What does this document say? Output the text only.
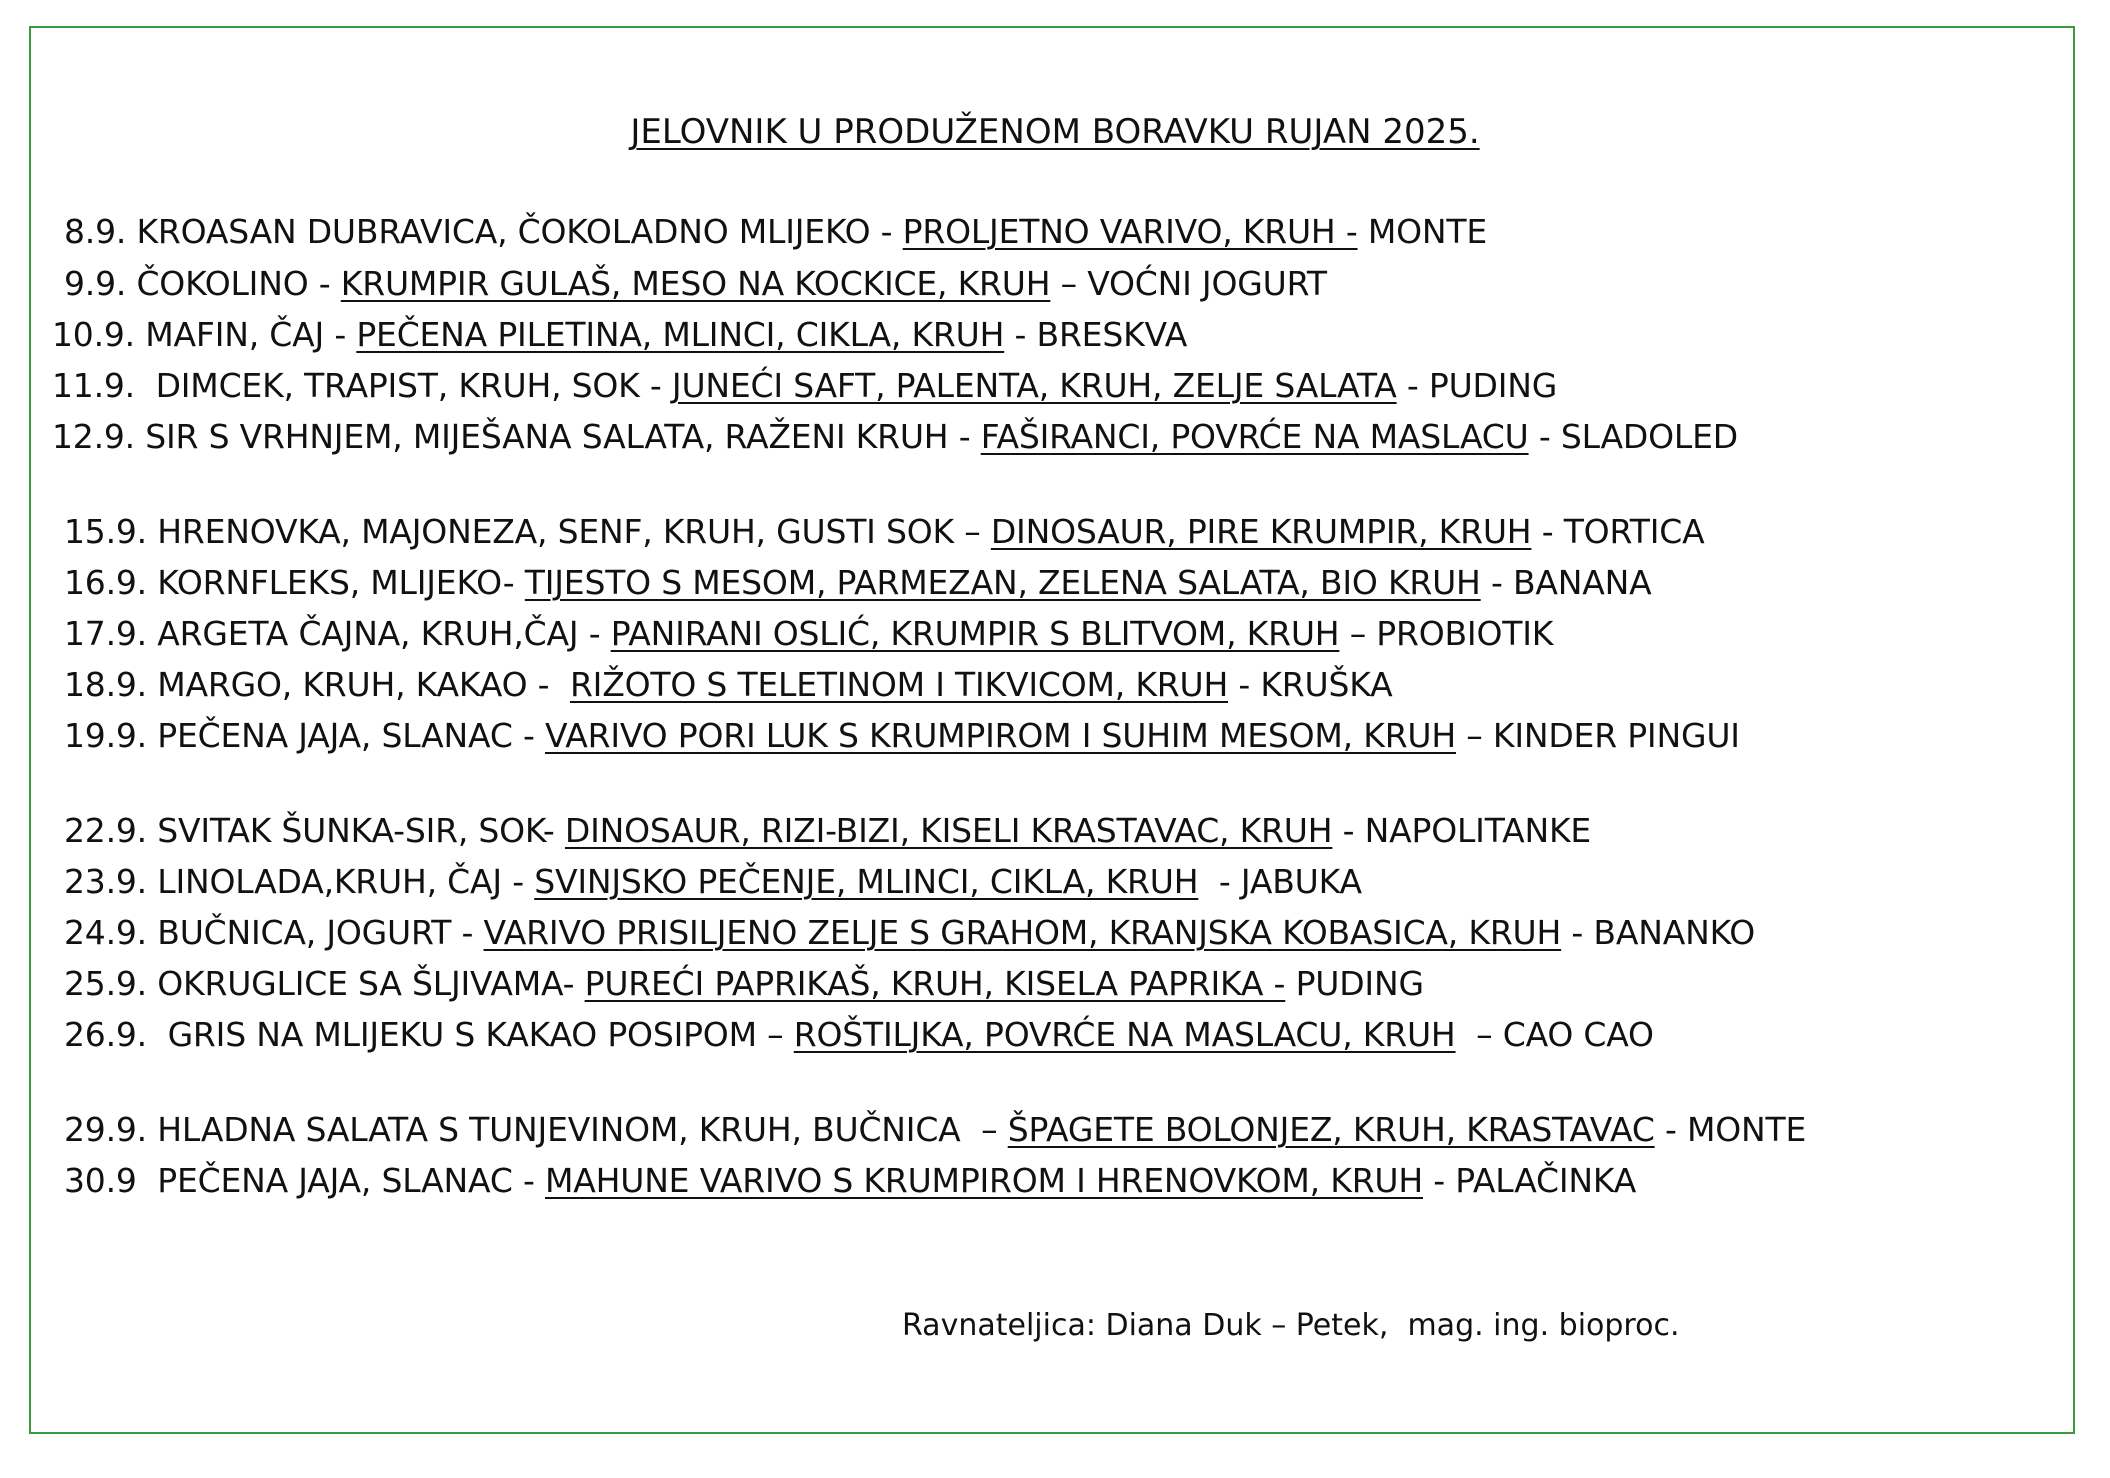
JELOVNIK U PRODUŽENOM BORAVKU RUJAN 2025.
8.9. KROASAN DUBRAVICA, ČOKOLADNO MLIJEKO - PROLJETNO VARIVO, KRUH - MONTE
9.9. ČOKOLINO - KRUMPIR GULAŠ, MESO NA KOCKICE, KRUH – VOĆNI JOGURT
10.9. MAFIN, ČAJ - PEČENA PILETINA, MLINCI, CIKLA, KRUH - BRESKVA
11.9.  DIMCEK, TRAPIST, KRUH, SOK - JUNEĆI SAFT, PALENTA, KRUH, ZELJE SALATA - PUDING
12.9. SIR S VRHNJEM, MIJEŠANA SALATA, RAŽENI KRUH - FAŠIRANCI, POVRĆE NA MASLACU - SLADOLED
15.9. HRENOVKA, MAJONEZA, SENF, KRUH, GUSTI SOK – DINOSAUR, PIRE KRUMPIR, KRUH - TORTICA
16.9. KORNFLEKS, MLIJEKO- TIJESTO S MESOM, PARMEZAN, ZELENA SALATA, BIO KRUH - BANANA
17.9. ARGETA ČAJNA, KRUH,ČAJ - PANIRANI OSLIĆ, KRUMPIR S BLITVOM, KRUH – PROBIOTIK
18.9. MARGO, KRUH, KAKAO -  RIŽOTO S TELETINOM I TIKVICOM, KRUH - KRUŠKA
19.9. PEČENA JAJA, SLANAC - VARIVO PORI LUK S KRUMPIROM I SUHIM MESOM, KRUH – KINDER PINGUI
22.9. SVITAK ŠUNKA-SIR, SOK- DINOSAUR, RIZI-BIZI, KISELI KRASTAVAC, KRUH - NAPOLITANKE
23.9. LINOLADA,KRUH, ČAJ - SVINJSKO PEČENJE, MLINCI, CIKLA, KRUH  - JABUKA
24.9. BUČNICA, JOGURT - VARIVO PRISILJENO ZELJE S GRAHOM, KRANJSKA KOBASICA, KRUH - BANANKO
25.9. OKRUGLICE SA ŠLJIVAMA- PUREĆI PAPRIKAŠ, KRUH, KISELA PAPRIKA - PUDING
26.9.  GRIS NA MLIJEKU S KAKAO POSIPOM – ROŠTILJKA, POVRĆE NA MASLACU, KRUH  – CAO CAO
29.9. HLADNA SALATA S TUNJEVINOM, KRUH, BUČNICA  – ŠPAGETE BOLONJEZ, KRUH, KRASTAVAC - MONTE
30.9  PEČENA JAJA, SLANAC - MAHUNE VARIVO S KRUMPIROM I HRENOVKOM, KRUH - PALAČINKA
Ravnateljica: Diana Duk – Petek,  mag. ing. bioproc.
